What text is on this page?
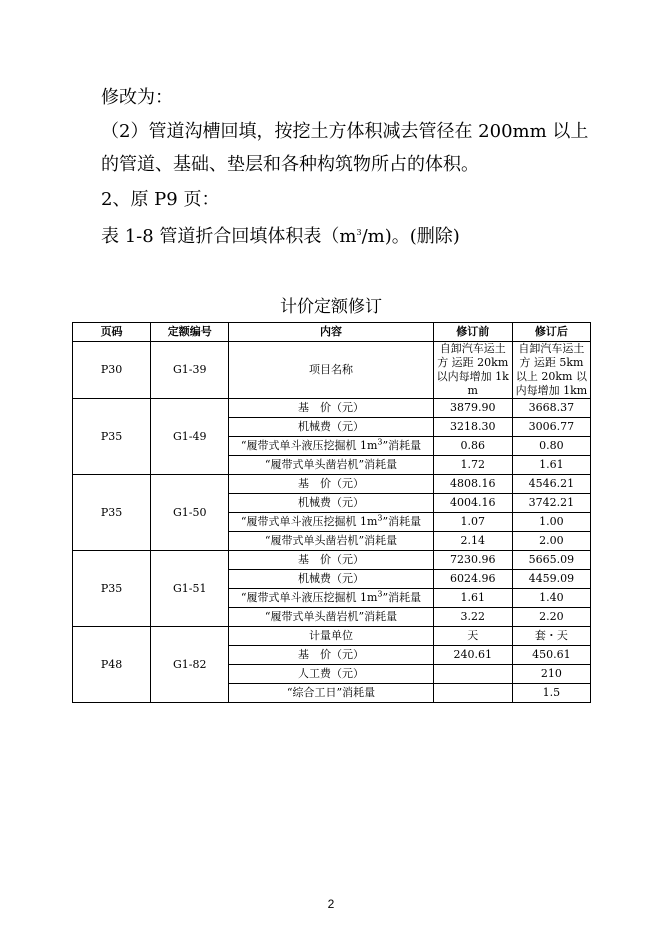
修改为：
（2）管道沟槽回填，按挖土方体积减去管径在 200mm 以上
的管道、基础、垫层和各种构筑物所占的体积。
2、原 P9 页：
表 1-8 管道折合回填体积表$(m^3/m)$。(删除)
计价定额修订
页码	定额编号	内容	修订前	修订后
P30	G1-39	项目名称	自卸汽车运土方 运距 20km 以内每增加 1km	自卸汽车运土方 运距 5km 以上 20km 以内每增加 1km
P35	G1-49	基　价（元）	3879.90	3668.37
		机械费（元）	3218.30	3006.77
		“履带式单斗液压挖掘机 $1m^3$”消耗量	0.86	0.80
		“履带式单头凿岩机”消耗量	1.72	1.61
P35	G1-50	基　价（元）	4808.16	4546.21
		机械费（元）	4004.16	3742.21
		“履带式单斗液压挖掘机 $1m^3$”消耗量	1.07	1.00
		“履带式单头凿岩机”消耗量	2.14	2.00
P35	G1-51	基　价（元）	7230.96	5665.09
		机械费（元）	6024.96	4459.09
		“履带式单斗液压挖掘机 $1m^3$”消耗量	1.61	1.40
		“履带式单头凿岩机”消耗量	3.22	2.20
P48	G1-82	计量单位	天	套・天
		基　价（元）	240.61	450.61
		人工费（元）		210
		“综合工日”消耗量		1.5
2
